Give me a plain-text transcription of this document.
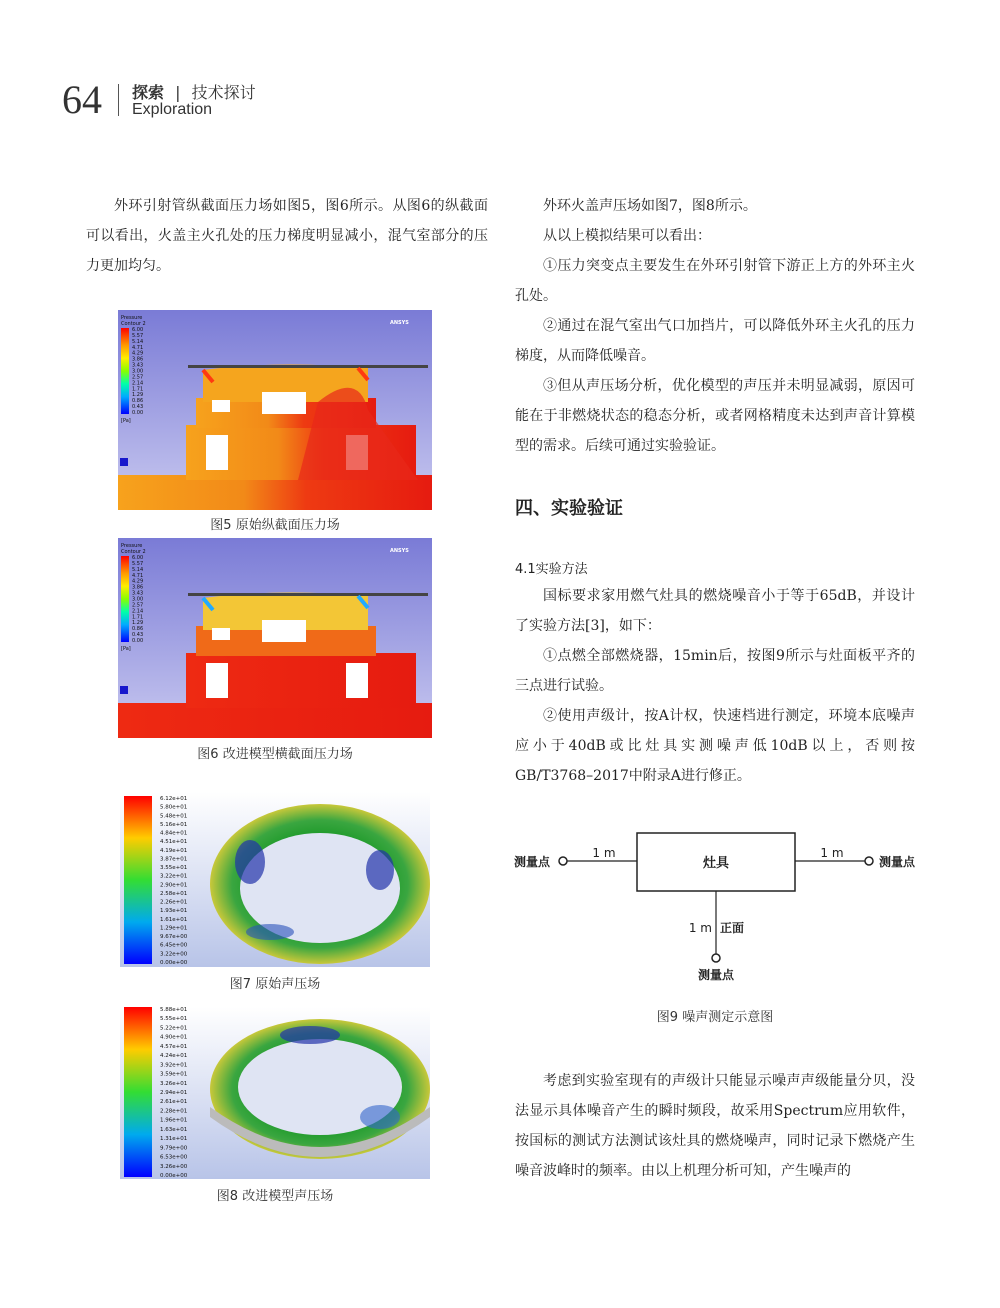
64 探索 | 技术探讨
Exploration

外环引射管纵截面压力场如图5，图6所示。从图6的纵截面可以看出，火盖主火孔处的压力梯度明显减小，混气室部分的压力更加均匀。

Pressure
Contour 2
6.00
5.57
5.14
4.71
4.29
3.86
3.43
3.00
2.57
2.14
1.71
1.29
0.86
0.43
0.00
[Pa]
ANSYS
图5 原始纵截面压力场
Pressure
Contour 2
6.00
5.57
5.14
4.71
4.29
3.86
3.43
3.00
2.57
2.14
1.71
1.29
0.86
0.43
0.00
[Pa]
ANSYS
图6 改进模型横截面压力场
6.12e+01
5.80e+01
5.48e+01
5.16e+01
4.84e+01
4.51e+01
4.19e+01
3.87e+01
3.55e+01
3.22e+01
2.90e+01
2.58e+01
2.26e+01
1.93e+01
1.61e+01
1.29e+01
9.67e+00
6.45e+00
3.22e+00
0.00e+00
图7 原始声压场
5.88e+01
5.55e+01
5.22e+01
4.90e+01
4.57e+01
4.24e+01
3.92e+01
3.59e+01
3.26e+01
2.94e+01
2.61e+01
2.28e+01
1.96e+01
1.63e+01
1.31e+01
9.79e+00
6.53e+00
3.26e+00
0.00e+00
图8 改进模型声压场

外环火盖声压场如图7，图8所示。

从以上模拟结果可以看出：

①压力突变点主要发生在外环引射管下游正上方的外环主火孔处。

②通过在混气室出气口加挡片，可以降低外环主火孔的压力梯度，从而降低噪音。

③但从声压场分析，优化模型的声压并未明显减弱，原因可能在于非燃烧状态的稳态分析，或者网格精度未达到声音计算模型的需求。后续可通过实验验证。

四、实验验证
4.1实验方法

国标要求家用燃气灶具的燃烧噪音小于等于65dB，并设计了实验方法[3]，如下：

①点燃全部燃烧器，15min后，按图9所示与灶面板平齐的三点进行试验。

②使用声级计，按A计权，快速档进行测定，环境本底噪声应小于40dB或比灶具实测噪声低10dB以上，否则按GB/T3768–2017中附录A进行修正。

灶具
测量点
1 m
测量点
1 m
测量点
1 m 正面
图9 噪声测定示意图

考虑到实验室现有的声级计只能显示噪声声级能量分贝，没法显示具体噪音产生的瞬时频段，故采用Spectrum应用软件，按国标的测试方法测试该灶具的燃烧噪声，同时记录下燃烧产生噪音波峰时的频率。由以上机理分析可知，产生噪声的
